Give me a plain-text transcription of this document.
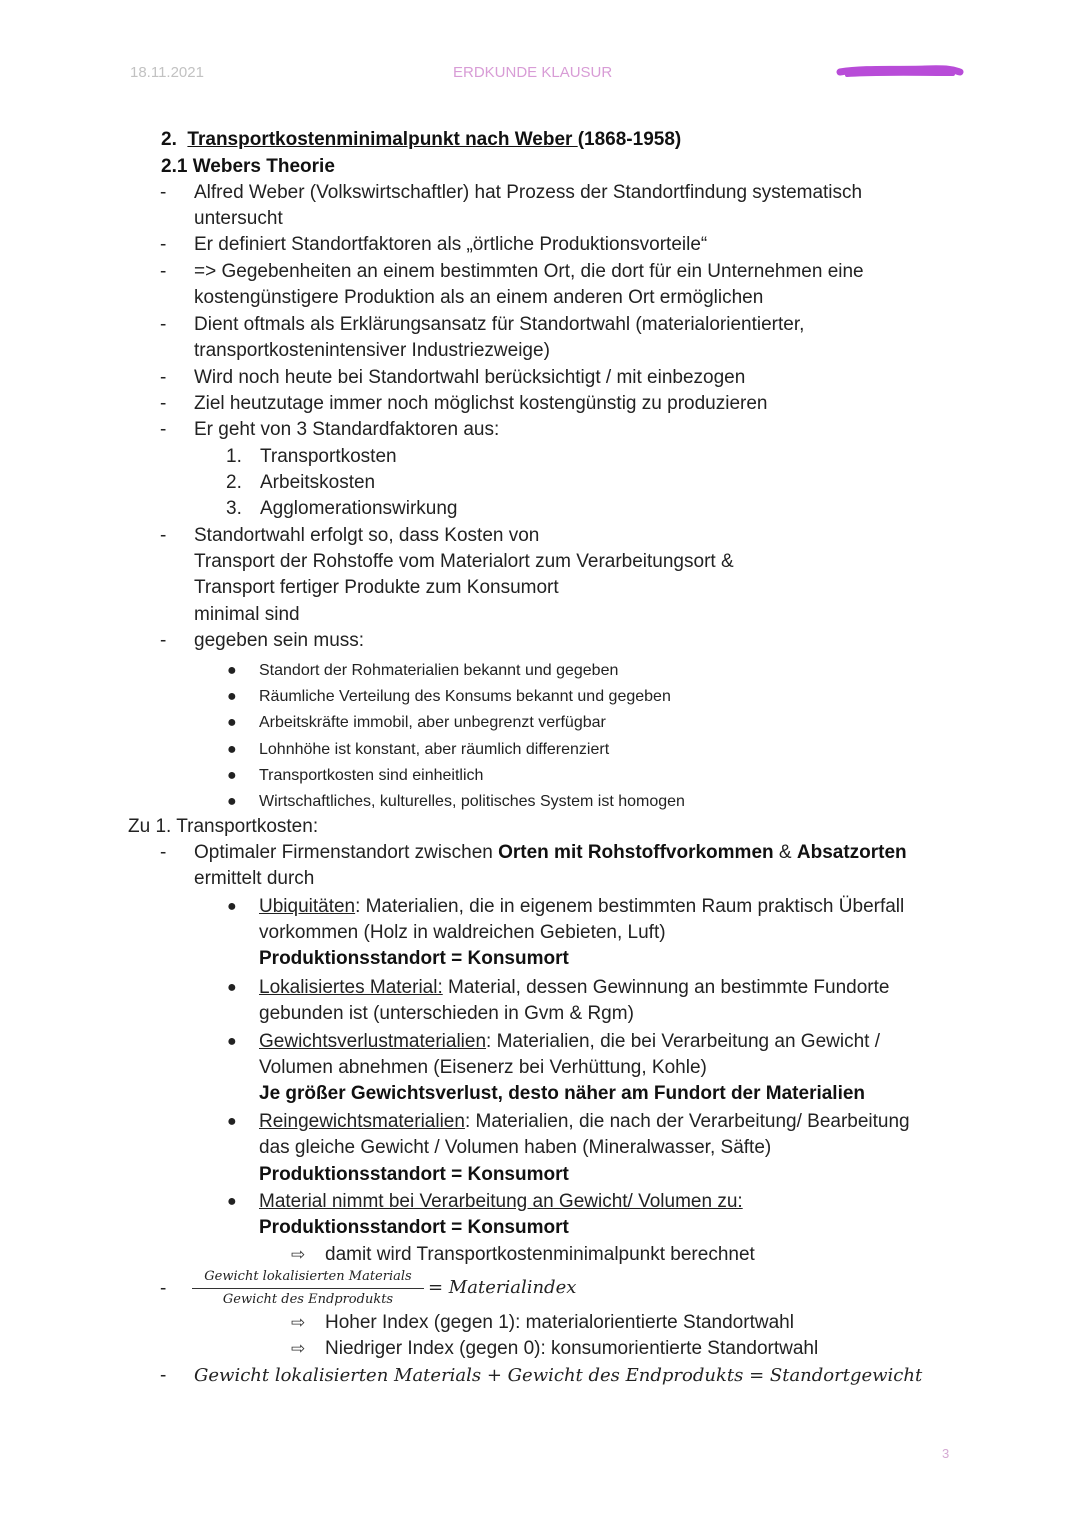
18.11.2021	ERDKUNDE KLAUSUR
2. Transportkostenminimalpunkt nach Weber (1868-1958)
2.1 Webers Theorie
- Alfred Weber (Volkswirtschaftler) hat Prozess der Standortfindung systematisch
untersucht
- Er definiert Standortfaktoren als „örtliche Produktionsvorteile“
- => Gegebenheiten an einem bestimmten Ort, die dort für ein Unternehmen eine
kostengünstigere Produktion als an einem anderen Ort ermöglichen
- Dient oftmals als Erklärungsansatz für Standortwahl (materialorientierter,
transportkostenintensiver Industriezweige)
- Wird noch heute bei Standortwahl berücksichtigt / mit einbezogen
- Ziel heutzutage immer noch möglichst kostengünstig zu produzieren
- Er geht von 3 Standardfaktoren aus:
1. Transportkosten
2. Arbeitskosten
3. Agglomerationswirkung
- Standortwahl erfolgt so, dass Kosten von
Transport der Rohstoffe vom Materialort zum Verarbeitungsort &
Transport fertiger Produkte zum Konsumort
minimal sind
- gegeben sein muss:
● Standort der Rohmaterialien bekannt und gegeben
● Räumliche Verteilung des Konsums bekannt und gegeben
● Arbeitskräfte immobil, aber unbegrenzt verfügbar
● Lohnhöhe ist konstant, aber räumlich differenziert
● Transportkosten sind einheitlich
● Wirtschaftliches, kulturelles, politisches System ist homogen
Zu 1. Transportkosten:
- Optimaler Firmenstandort zwischen Orten mit Rohstoffvorkommen & Absatzorten
ermittelt durch
● Ubiquitäten: Materialien, die in eigenem bestimmten Raum praktisch Überfall
vorkommen (Holz in waldreichen Gebieten, Luft)
Produktionsstandort = Konsumort
● Lokalisiertes Material: Material, dessen Gewinnung an bestimmte Fundorte
gebunden ist (unterschieden in Gvm & Rgm)
● Gewichtsverlustmaterialien: Materialien, die bei Verarbeitung an Gewicht /
Volumen abnehmen (Eisenerz bei Verhüttung, Kohle)
Je größer Gewichtsverlust, desto näher am Fundort der Materialien
● Reingewichtsmaterialien: Materialien, die nach der Verarbeitung/ Bearbeitung
das gleiche Gewicht / Volumen haben (Mineralwasser, Säfte)
Produktionsstandort = Konsumort
● Material nimmt bei Verarbeitung an Gewicht/ Volumen zu:
Produktionsstandort = Konsumort
⇨ damit wird Transportkostenminimalpunkt berechnet
-
Gewicht lokalisierten Materials
Gewicht des Endprodukts
= Materialindex
⇨ Hoher Index (gegen 1): materialorientierte Standortwahl
⇨ Niedriger Index (gegen 0): konsumorientierte Standortwahl
- Gewicht lokalisierten Materials + Gewicht des Endprodukts = Standortgewicht
3
